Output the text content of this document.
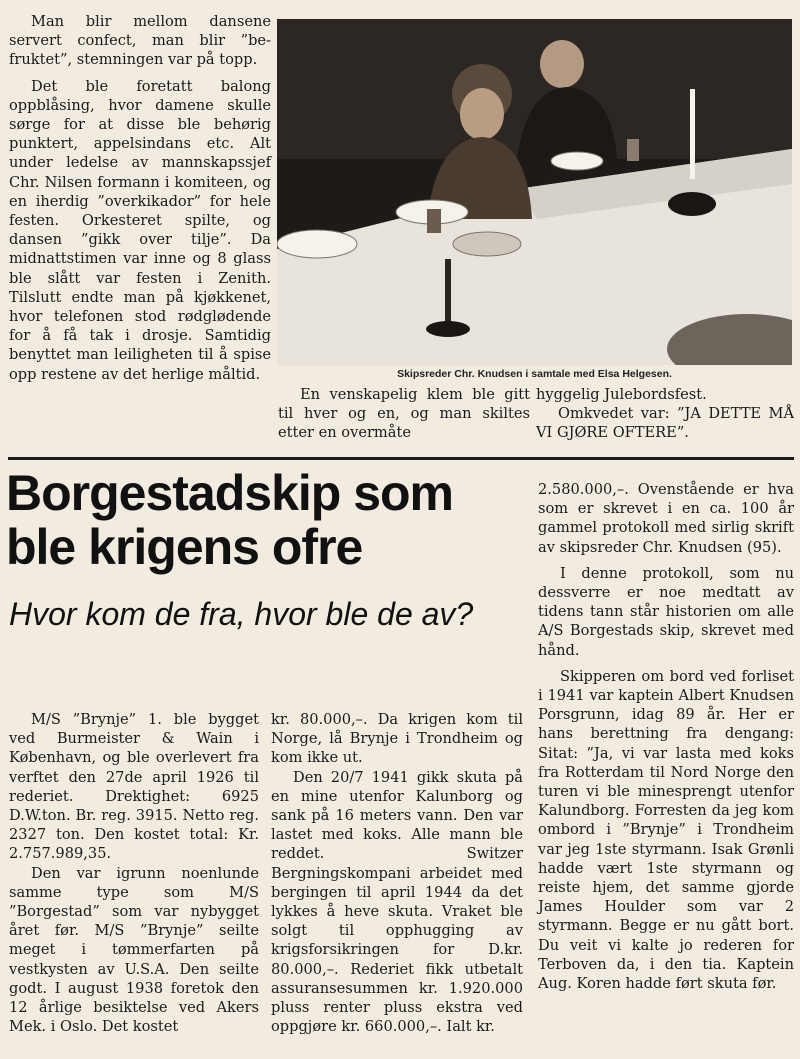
Man blir mellom dansene servert confect, man blir ”be-fruktet”, stemningen var på topp.

Det ble foretatt balong oppblåsing, hvor damene skulle sørge for at disse ble behørig punktert, appelsindans etc. Alt under ledelse av mannskapssjef Chr. Nilsen formann i komiteen, og en iherdig ”overkikador” for hele festen. Orkesteret spilte, og dansen ”gikk over tilje”. Da midnattstimen var inne og 8 glass ble slått var festen i Zenith. Tilslutt endte man på kjøkkenet, hvor telefonen stod rødglødende for å få tak i drosje. Samtidig benyttet man leiligheten til å spise opp restene av det herlige måltid.	Skipsreder Chr. Knudsen i samtale med Elsa Helgesen.

En venskapelig klem ble gitt til hver og en, og man skiltes etter en overmåte

hyggelig Julebordsfest.

Omkvedet var: ”JA DETTE MÅ VI GJØRE OFTERE”.

Borgestadskip som ble krigens ofre
Hvor kom de fra, hvor ble de av?

M/S ”Brynje” 1. ble bygget ved Burmeister & Wain i København, og ble overlevert fra verftet den 27de april 1926 til rederiet. Drektighet: 6925 D.W.ton. Br. reg. 3915. Netto reg. 2327 ton. Den kostet total: Kr. 2.757.989,35.

Den var igrunn noenlunde samme type som M/S ”Borgestad” som var nybygget året før. M/S ”Brynje” seilte meget i tømmerfarten på vestkysten av U.S.A. Den seilte godt. I august 1938 foretok den 12 årlige besiktelse ved Akers Mek. i Oslo. Det kostet

kr. 80.000,–. Da krigen kom til Norge, lå Brynje i Trondheim og kom ikke ut.

Den 20/7 1941 gikk skuta på en mine utenfor Kalunborg og sank på 16 meters vann. Den var lastet med koks. Alle mann ble reddet. Switzer Bergningskompani arbeidet med bergingen til april 1944 da det lykkes å heve skuta. Vraket ble solgt til opphugging av krigsforsikringen for D.kr. 80.000,–. Rederiet fikk utbetalt assuransesummen kr. 1.920.000 pluss renter pluss ekstra ved oppgjøre kr. 660.000,–. Ialt kr.

2.580.000,–. Ovenstående er hva som er skrevet i en ca. 100 år gammel protokoll med sirlig skrift av skipsreder Chr. Knudsen (95).

I denne protokoll, som nu dessverre er noe medtatt av tidens tann står historien om alle A/S Borgestads skip, skrevet med hånd.

Skipperen om bord ved forliset i 1941 var kaptein Albert Knudsen Porsgrunn, idag 89 år. Her er hans berettning fra dengang: Sitat: ”Ja, vi var lasta med koks fra Rotterdam til Nord Norge den turen vi ble minesprengt utenfor Kalundborg. Forresten da jeg kom ombord i ”Brynje” i Trondheim var jeg 1ste styrmann. Isak Grønli hadde vært 1ste styrmann og reiste hjem, det samme gjorde James Houlder som var 2 styrmann. Begge er nu gått bort. Du veit vi kalte jo rederen for Terboven da, i den tia. Kaptein Aug. Koren hadde ført skuta før.
